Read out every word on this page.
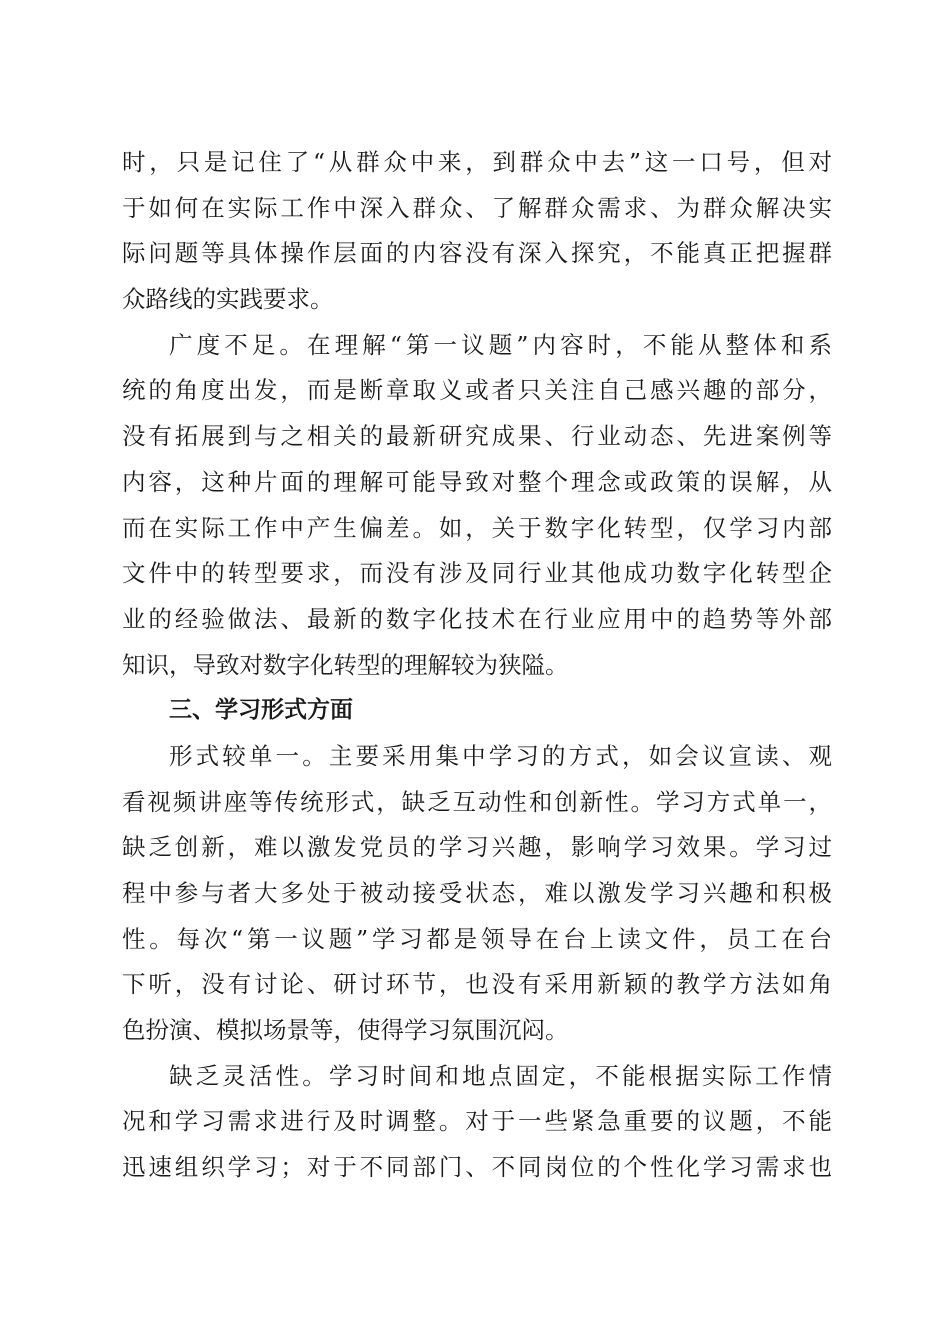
时，只是记住了“从群众中来，到群众中去”这一口号，但对
于如何在实际工作中深入群众、了解群众需求、为群众解决实
际问题等具体操作层面的内容没有深入探究，不能真正把握群
众路线的实践要求。
广度不足。在理解“第一议题”内容时，不能从整体和系
统的角度出发，而是断章取义或者只关注自己感兴趣的部分，
没有拓展到与之相关的最新研究成果、行业动态、先进案例等
内容，这种片面的理解可能导致对整个理念或政策的误解，从
而在实际工作中产生偏差。如，关于数字化转型，仅学习内部
文件中的转型要求，而没有涉及同行业其他成功数字化转型企
业的经验做法、最新的数字化技术在行业应用中的趋势等外部
知识，导致对数字化转型的理解较为狭隘。
三、学习形式方面
形式较单一。主要采用集中学习的方式，如会议宣读、观
看视频讲座等传统形式，缺乏互动性和创新性。学习方式单一，
缺乏创新，难以激发党员的学习兴趣，影响学习效果。学习过
程中参与者大多处于被动接受状态，难以激发学习兴趣和积极
性。每次“第一议题”学习都是领导在台上读文件，员工在台
下听，没有讨论、研讨环节，也没有采用新颖的教学方法如角
色扮演、模拟场景等，使得学习氛围沉闷。
缺乏灵活性。学习时间和地点固定，不能根据实际工作情
况和学习需求进行及时调整。对于一些紧急重要的议题，不能
迅速组织学习；对于不同部门、不同岗位的个性化学习需求也
